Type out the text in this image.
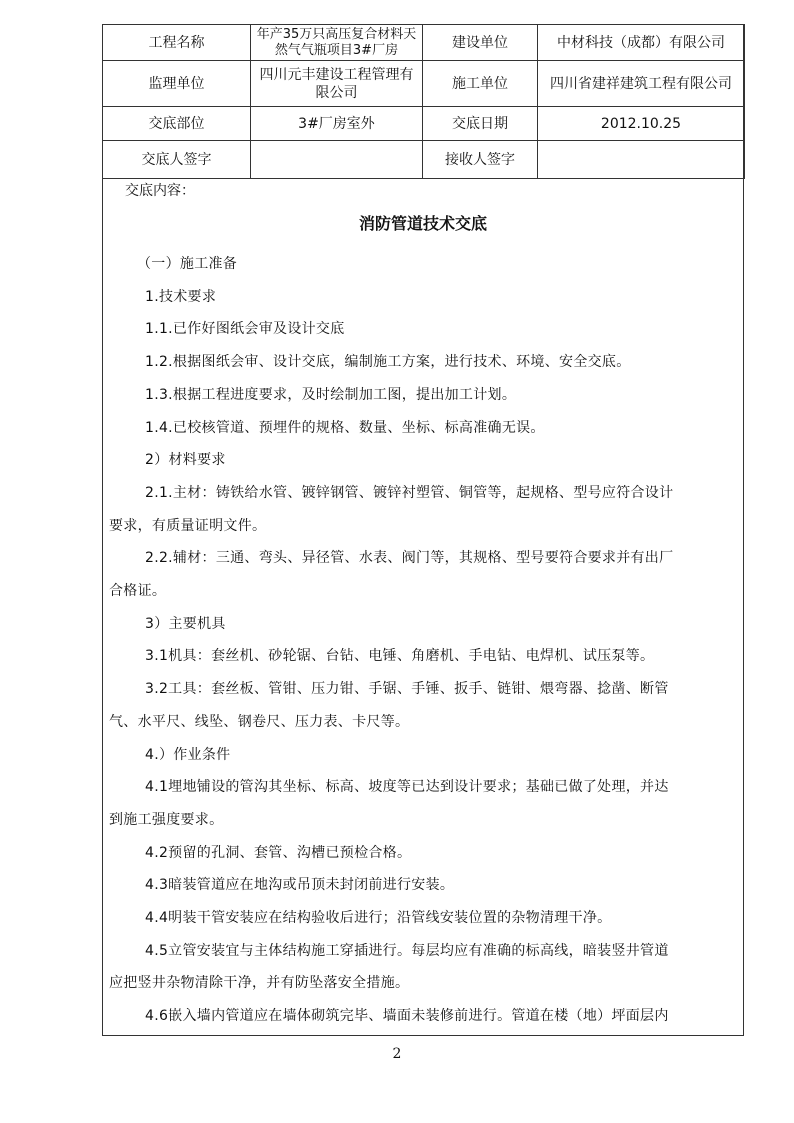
工程名称	年产35万只高压复合材料天然气气瓶项目3#厂房	建设单位	中材科技（成都）有限公司
监理单位	四川元丰建设工程管理有限公司	施工单位	四川省建祥建筑工程有限公司
交底部位	3#厂房室外	交底日期	2012.10.25
交底人签字		接收人签字	
交底内容：
消防管道技术交底

（一）施工准备

1.技术要求

1.1.已作好图纸会审及设计交底

1.2.根据图纸会审、设计交底，编制施工方案，进行技术、环境、安全交底。

1.3.根据工程进度要求，及时绘制加工图，提出加工计划。

1.4.已校核管道、预埋件的规格、数量、坐标、标高准确无误。

2）材料要求

2.1.主材：铸铁给水管、镀锌钢管、镀锌衬塑管、铜管等，起规格、型号应符合设计

要求，有质量证明文件。

2.2.辅材：三通、弯头、异径管、水表、阀门等，其规格、型号要符合要求并有出厂

合格证。

3）主要机具

3.1机具：套丝机、砂轮锯、台钻、电锤、角磨机、手电钻、电焊机、试压泵等。

3.2工具：套丝板、管钳、压力钳、手锯、手锤、扳手、链钳、煨弯器、捻凿、断管

气、水平尺、线坠、钢卷尺、压力表、卡尺等。

4.）作业条件

4.1埋地铺设的管沟其坐标、标高、坡度等已达到设计要求；基础已做了处理，并达

到施工强度要求。

4.2预留的孔洞、套管、沟槽已预检合格。

4.3暗装管道应在地沟或吊顶未封闭前进行安装。

4.4明装干管安装应在结构验收后进行；沿管线安装位置的杂物清理干净。

4.5立管安装宜与主体结构施工穿插进行。每层均应有准确的标高线，暗装竖井管道

应把竖井杂物清除干净，并有防坠落安全措施。

4.6嵌入墙内管道应在墙体砌筑完毕、墙面未装修前进行。管道在楼（地）坪面层内

2
